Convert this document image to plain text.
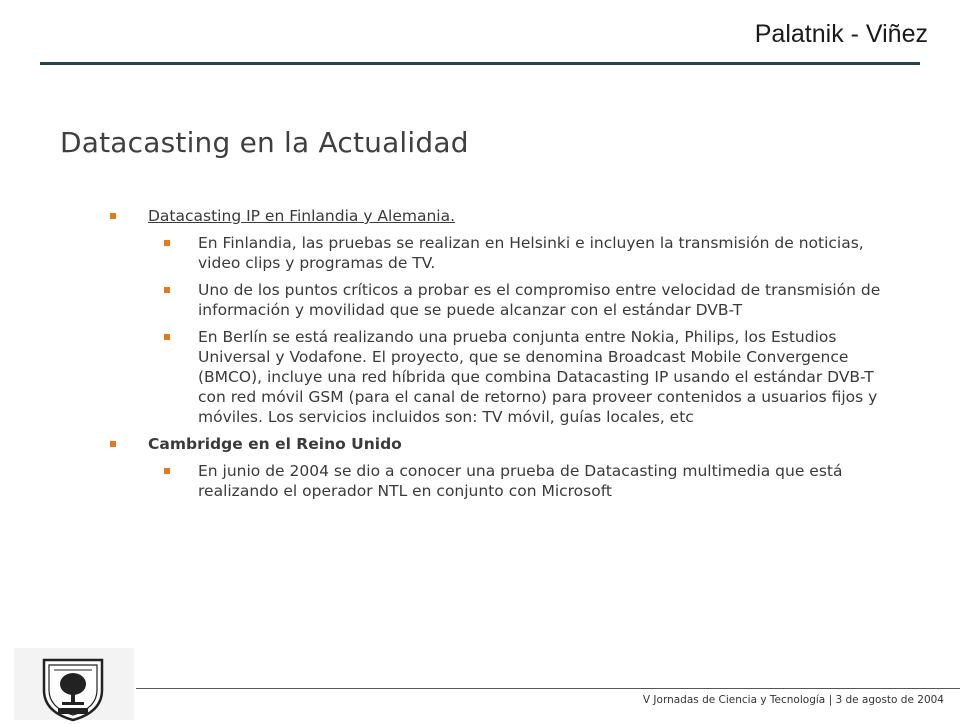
Palatnik - Viñez
Datacasting en la Actualidad
Datacasting IP en Finlandia y Alemania.
En Finlandia, las pruebas se realizan en Helsinki e incluyen la transmisión de noticias, video clips y programas de TV.
Uno de los puntos críticos a probar es el compromiso entre velocidad de transmisión de información y movilidad que se puede alcanzar con el estándar DVB-T
En Berlín se está realizando una prueba conjunta entre Nokia, Philips, los Estudios Universal y Vodafone. El proyecto, que se denomina Broadcast Mobile Convergence (BMCO), incluye una red híbrida que combina Datacasting IP usando el estándar DVB-T con red móvil GSM (para el canal de retorno) para proveer contenidos a usuarios fijos y móviles. Los servicios incluidos son: TV móvil, guías locales, etc
Cambridge en el Reino Unido
En junio de 2004 se dio a conocer una prueba de Datacasting multimedia que está realizando el operador NTL en conjunto con Microsoft
V Jornadas de Ciencia y Tecnología | 3 de agosto de 2004
